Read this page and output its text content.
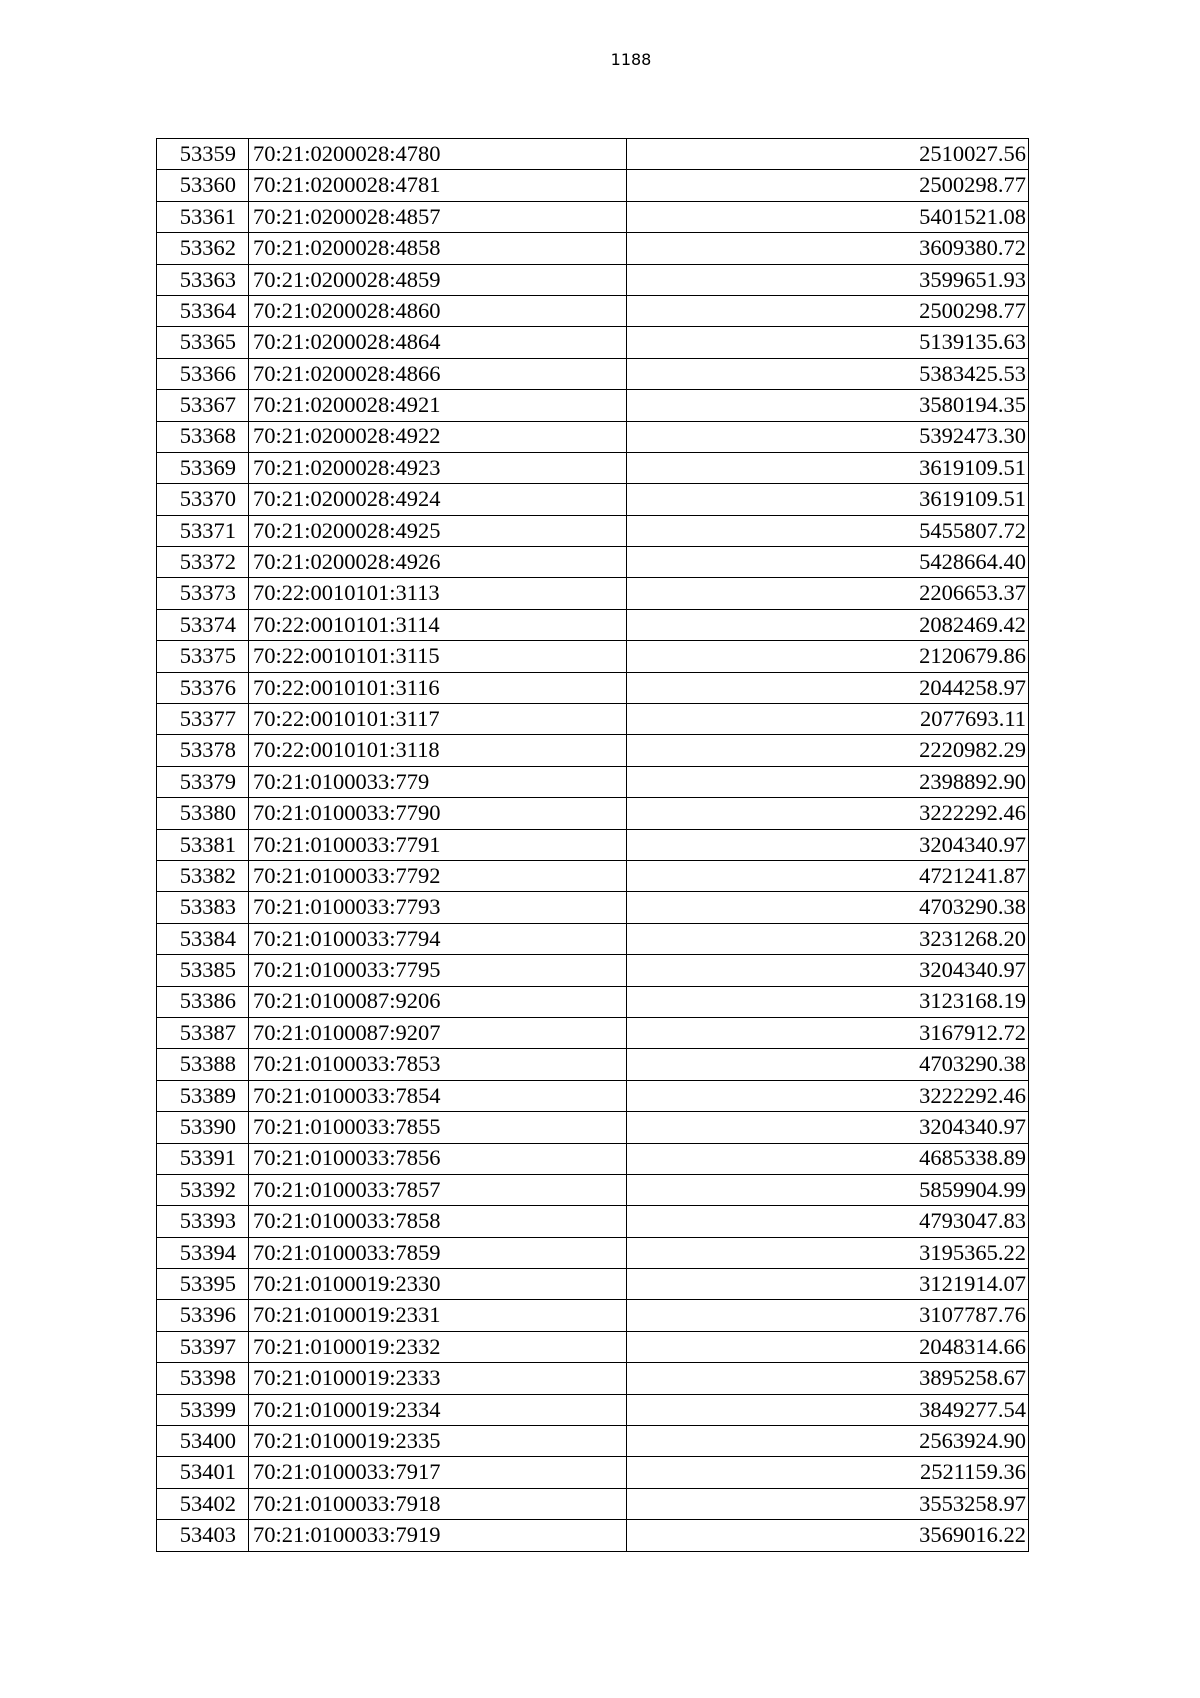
1188
53359	70:21:0200028:4780	2510027.56
53360	70:21:0200028:4781	2500298.77
53361	70:21:0200028:4857	5401521.08
53362	70:21:0200028:4858	3609380.72
53363	70:21:0200028:4859	3599651.93
53364	70:21:0200028:4860	2500298.77
53365	70:21:0200028:4864	5139135.63
53366	70:21:0200028:4866	5383425.53
53367	70:21:0200028:4921	3580194.35
53368	70:21:0200028:4922	5392473.30
53369	70:21:0200028:4923	3619109.51
53370	70:21:0200028:4924	3619109.51
53371	70:21:0200028:4925	5455807.72
53372	70:21:0200028:4926	5428664.40
53373	70:22:0010101:3113	2206653.37
53374	70:22:0010101:3114	2082469.42
53375	70:22:0010101:3115	2120679.86
53376	70:22:0010101:3116	2044258.97
53377	70:22:0010101:3117	2077693.11
53378	70:22:0010101:3118	2220982.29
53379	70:21:0100033:779	2398892.90
53380	70:21:0100033:7790	3222292.46
53381	70:21:0100033:7791	3204340.97
53382	70:21:0100033:7792	4721241.87
53383	70:21:0100033:7793	4703290.38
53384	70:21:0100033:7794	3231268.20
53385	70:21:0100033:7795	3204340.97
53386	70:21:0100087:9206	3123168.19
53387	70:21:0100087:9207	3167912.72
53388	70:21:0100033:7853	4703290.38
53389	70:21:0100033:7854	3222292.46
53390	70:21:0100033:7855	3204340.97
53391	70:21:0100033:7856	4685338.89
53392	70:21:0100033:7857	5859904.99
53393	70:21:0100033:7858	4793047.83
53394	70:21:0100033:7859	3195365.22
53395	70:21:0100019:2330	3121914.07
53396	70:21:0100019:2331	3107787.76
53397	70:21:0100019:2332	2048314.66
53398	70:21:0100019:2333	3895258.67
53399	70:21:0100019:2334	3849277.54
53400	70:21:0100019:2335	2563924.90
53401	70:21:0100033:7917	2521159.36
53402	70:21:0100033:7918	3553258.97
53403	70:21:0100033:7919	3569016.22
